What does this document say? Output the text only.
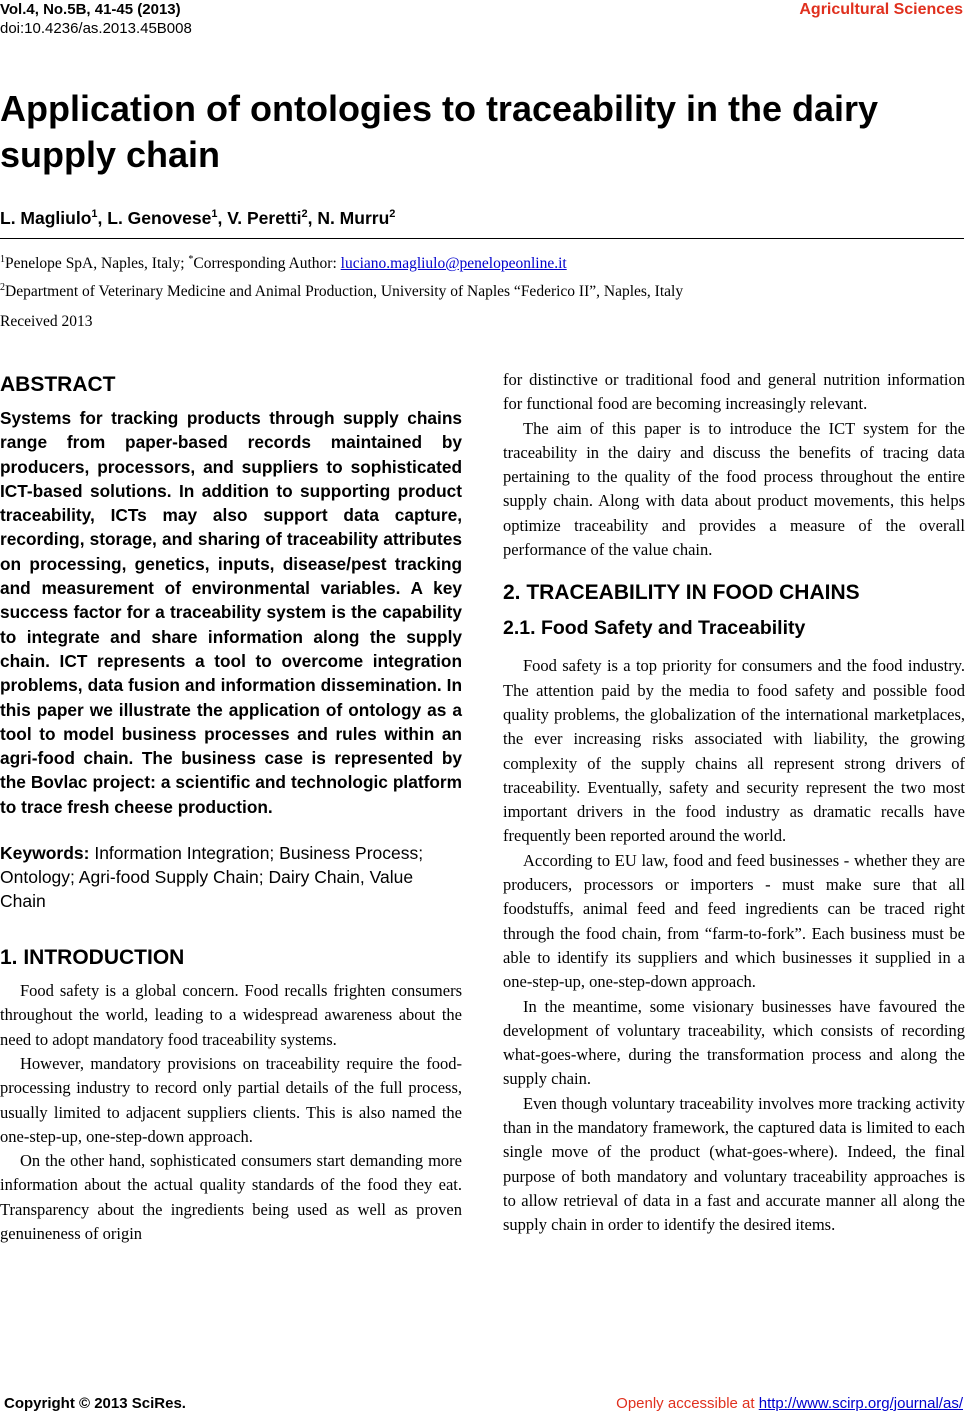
Vol.4, No.5B, 41-45 (2013)
doi:10.4236/as.2013.45B008
Agricultural Sciences
Application of ontologies to traceability in the dairy supply chain
L. Magliulo$^1$, L. Genovese$^1$, V. Peretti$^2$, N. Murru$^2$
$^1$Penelope SpA, Naples, Italy; *Corresponding Author: luciano.magliulo@penelopeonline.it
$^2$Department of Veterinary Medicine and Animal Production, University of Naples “Federico II”, Naples, Italy
Received 2013
ABSTRACT

Systems for tracking products through supply chains range from paper-based records maintained by producers, processors, and suppliers to sophisticated ICT-based solutions. In addition to supporting product traceability, ICTs may also support data capture, recording, storage, and sharing of traceability attributes on processing, genetics, inputs, disease/pest tracking and measurement of environmental variables. A key success factor for a traceability system is the capability to integrate and share information along the supply chain. ICT represents a tool to overcome integration problems, data fusion and information dissemination. In this paper we illustrate the application of ontology as a tool to model business processes and rules within an agri-food chain. The business case is represented by the Bovlac project: a scientific and technologic platform to trace fresh cheese production.

Keywords: Information Integration; Business Process; Ontology; Agri-food Supply Chain; Dairy Chain, Value Chain

1. INTRODUCTION

Food safety is a global concern. Food recalls frighten consumers throughout the world, leading to a widespread awareness about the need to adopt mandatory food traceability systems.

However, mandatory provisions on traceability require the food-processing industry to record only partial details of the full process, usually limited to adjacent suppliers clients. This is also named the one-step-up, one-step-down approach.

On the other hand, sophisticated consumers start demanding more information about the actual quality standards of the food they eat. Transparency about the ingredients being used as well as proven genuineness of origin

for distinctive or traditional food and general nutrition information for functional food are becoming increasingly relevant.

The aim of this paper is to introduce the ICT system for the traceability in the dairy and discuss the benefits of tracing data pertaining to the quality of the food process throughout the entire supply chain. Along with data about product movements, this helps optimize traceability and provides a measure of the overall performance of the value chain.

2. TRACEABILITY IN FOOD CHAINS
2.1. Food Safety and Traceability

Food safety is a top priority for consumers and the food industry. The attention paid by the media to food safety and possible food quality problems, the globalization of the international marketplaces, the ever increasing risks associated with liability, the growing complexity of the supply chains all represent strong drivers of traceability. Eventually, safety and security represent the two most important drivers in the food industry as dramatic recalls have frequently been reported around the world.

According to EU law, food and feed businesses - whether they are producers, processors or importers - must make sure that all foodstuffs, animal feed and feed ingredients can be traced right through the food chain, from “farm-to-fork”. Each business must be able to identify its suppliers and which businesses it supplied in a one-step-up, one-step-down approach.

In the meantime, some visionary businesses have favoured the development of voluntary traceability, which consists of recording what-goes-where, during the transformation process and along the supply chain.

Even though voluntary traceability involves more tracking activity than in the mandatory framework, the captured data is limited to each single move of the product (what-goes-where). Indeed, the final purpose of both mandatory and voluntary traceability approaches is to allow retrieval of data in a fast and accurate manner all along the supply chain in order to identify the desired items.

Copyright © 2013 SciRes.	Openly accessible at http://www.scirp.org/journal/as/
